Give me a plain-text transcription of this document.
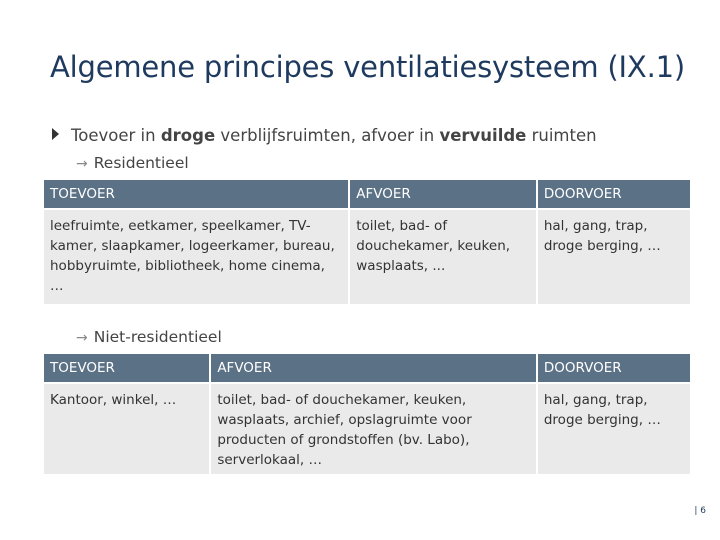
Algemene principes ventilatiesysteem (IX.1)
Toevoer in droge verblijfsruimten, afvoer in vervuilde ruimten
→ Residentieel
TOEVOER	AFVOER	DOORVOER
leefruimte, eetkamer, speelkamer, TV-kamer, slaapkamer, logeerkamer, bureau, hobbyruimte, bibliotheek, home cinema, …	toilet, bad- of douchekamer, keuken, wasplaats, ...	hal, gang, trap, droge berging, …
→ Niet-residentieel
TOEVOER	AFVOER	DOORVOER
Kantoor, winkel, …	toilet, bad- of douchekamer, keuken, wasplaats, archief, opslagruimte voor producten of grondstoffen (bv. Labo), serverlokaal, …	hal, gang, trap, droge berging, …
| 6
